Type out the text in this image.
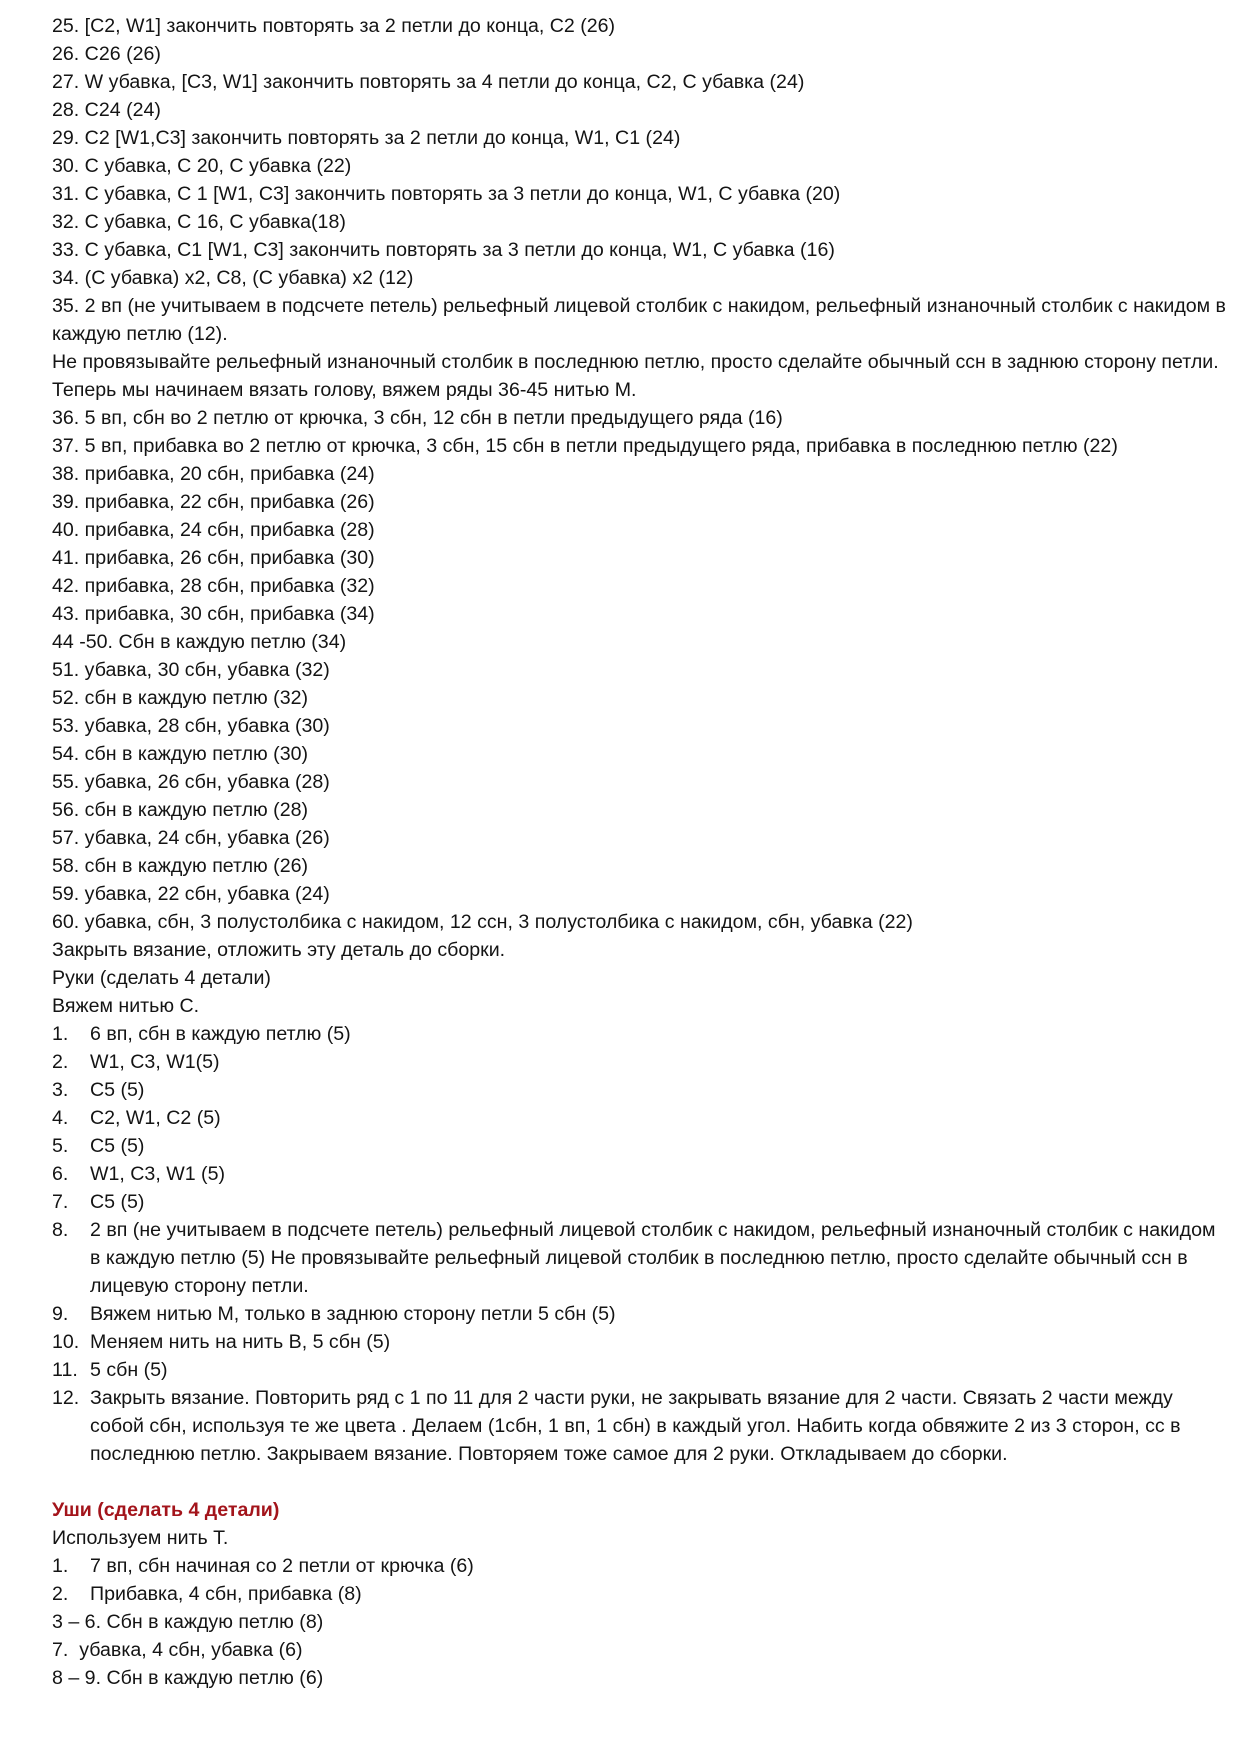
25. [C2, W1] закончить повторять за 2 петли до конца, C2 (26)
26. C26 (26)
27. W убавка, [C3, W1] закончить повторять за 4 петли до конца, C2, C убавка (24)
28. C24 (24)
29. C2 [W1,C3] закончить повторять за 2 петли до конца, W1, C1 (24)
30. C убавка, C 20, C убавка (22)
31. C убавка, C 1 [W1, C3] закончить повторять за 3 петли до конца, W1, C убавка (20)
32. C убавка, C 16, C убавка(18)
33. C убавка, C1 [W1, C3] закончить повторять за 3 петли до конца, W1, C убавка (16)
34. (C убавка) x2, C8, (C убавка) x2 (12)
35. 2 вп (не учитываем в подсчете петель) рельефный лицевой столбик с накидом, рельефный изнаночный столбик с накидом в каждую петлю (12).
Не провязывайте рельефный изнаночный столбик в последнюю петлю, просто сделайте обычный ссн в заднюю сторону петли.
Теперь мы начинаем вязать голову, вяжем ряды 36-45 нитью M.
36. 5 вп, сбн во 2 петлю от крючка, 3 сбн, 12 сбн в петли предыдущего ряда (16)
37. 5 вп, прибавка во 2 петлю от крючка, 3 сбн, 15 сбн в петли предыдущего ряда, прибавка в последнюю петлю (22)
38. прибавка, 20 сбн, прибавка (24)
39. прибавка, 22 сбн, прибавка (26)
40. прибавка, 24 сбн, прибавка (28)
41. прибавка, 26 сбн, прибавка (30)
42. прибавка, 28 сбн, прибавка (32)
43. прибавка, 30 сбн, прибавка (34)
44 -50. Сбн в каждую петлю (34)
51. убавка, 30 сбн, убавка (32)
52. сбн в каждую петлю (32)
53. убавка, 28 сбн, убавка (30)
54. сбн в каждую петлю (30)
55. убавка, 26 сбн, убавка (28)
56. сбн в каждую петлю (28)
57. убавка, 24 сбн, убавка (26)
58. сбн в каждую петлю (26)
59. убавка, 22 сбн, убавка (24)
60. убавка, сбн, 3 полустолбика с накидом, 12 ссн, 3 полустолбика с накидом, сбн, убавка (22)
Закрыть вязание, отложить эту деталь до сборки.
Руки (сделать 4 детали)
Вяжем нитью C.
1.	6 вп, сбн в каждую петлю (5)
2.	W1, C3, W1(5)
3.	C5 (5)
4.	C2, W1, C2 (5)
5.	C5 (5)
6.	W1, C3, W1 (5)
7.	C5 (5)
8.	2 вп (не учитываем в подсчете петель) рельефный лицевой столбик с накидом, рельефный изнаночный столбик с накидом в каждую петлю (5) Не провязывайте рельефный лицевой столбик в последнюю петлю, просто сделайте обычный ссн в лицевую сторону петли.
9.	Вяжем нитью M, только в заднюю сторону петли 5 сбн (5)
10. Меняем нить на нить B, 5 сбн (5)
11. 5 сбн (5)
12. Закрыть вязание. Повторить ряд с 1 по 11 для 2 части руки, не закрывать вязание для 2 части. Связать 2 части между собой сбн, используя те же цвета . Делаем (1сбн, 1 вп, 1 сбн) в каждый угол. Набить когда обвяжите 2 из 3 сторон, сс в последнюю петлю. Закрываем вязание. Повторяем тоже самое для 2 руки. Откладываем до сборки.
Уши (сделать 4 детали)
Используем нить T.
1.	7 вп, сбн начиная со 2 петли от крючка (6)
2.	Прибавка, 4 сбн, прибавка (8)
3 – 6. Сбн в каждую петлю (8)
7.  убавка, 4 сбн, убавка (6)
8 – 9. Сбн в каждую петлю (6)
